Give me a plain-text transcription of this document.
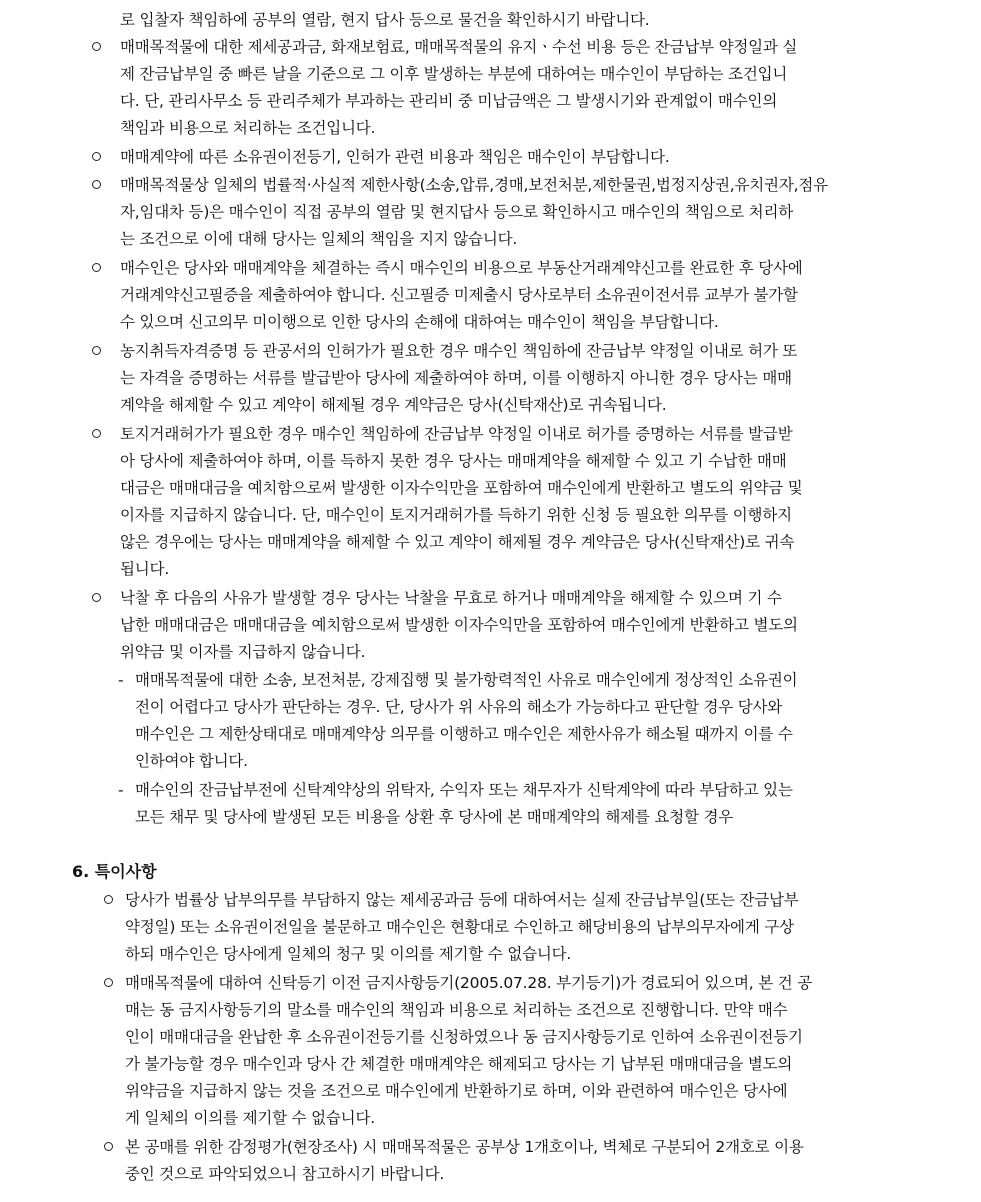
로 입찰자 책임하에 공부의 열람, 현지 답사 등으로 물건을 확인하시기 바랍니다.
매매목적물에 대한 제세공과금, 화재보험료, 매매목적물의 유지ㆍ수선 비용 등은 잔금납부 약정일과 실
제 잔금납부일 중 빠른 날을 기준으로 그 이후 발생하는 부분에 대하여는 매수인이 부담하는 조건입니
다. 단, 관리사무소 등 관리주체가 부과하는 관리비 중 미납금액은 그 발생시기와 관계없이 매수인의
책임과 비용으로 처리하는 조건입니다.
매매계약에 따른 소유권이전등기, 인허가 관련 비용과 책임은 매수인이 부담합니다.
매매목적물상 일체의 법률적·사실적 제한사항(소송,압류,경매,보전처분,제한물권,법정지상권,유치권자,점유
자,임대차 등)은 매수인이 직접 공부의 열람 및 현지답사 등으로 확인하시고 매수인의 책임으로 처리하
는 조건으로 이에 대해 당사는 일체의 책임을 지지 않습니다.
매수인은 당사와 매매계약을 체결하는 즉시 매수인의 비용으로 부동산거래계약신고를 완료한 후 당사에
거래계약신고필증을 제출하여야 합니다. 신고필증 미제출시 당사로부터 소유권이전서류 교부가 불가할
수 있으며 신고의무 미이행으로 인한 당사의 손해에 대하여는 매수인이 책임을 부담합니다.
농지취득자격증명 등 관공서의 인허가가 필요한 경우 매수인 책임하에 잔금납부 약정일 이내로 허가 또
는 자격을 증명하는 서류를 발급받아 당사에 제출하여야 하며, 이를 이행하지 아니한 경우 당사는 매매
계약을 해제할 수 있고 계약이 해제될 경우 계약금은 당사(신탁재산)로 귀속됩니다.
토지거래허가가 필요한 경우 매수인 책임하에 잔금납부 약정일 이내로 허가를 증명하는 서류를 발급받
아 당사에 제출하여야 하며, 이를 득하지 못한 경우 당사는 매매계약을 해제할 수 있고 기 수납한 매매
대금은 매매대금을 예치함으로써 발생한 이자수익만을 포함하여 매수인에게 반환하고 별도의 위약금 및
이자를 지급하지 않습니다. 단, 매수인이 토지거래허가를 득하기 위한 신청 등 필요한 의무를 이행하지
않은 경우에는 당사는 매매계약을 해제할 수 있고 계약이 해제될 경우 계약금은 당사(신탁재산)로 귀속
됩니다.
낙찰 후 다음의 사유가 발생할 경우 당사는 낙찰을 무효로 하거나 매매계약을 해제할 수 있으며 기 수
납한 매매대금은 매매대금을 예치함으로써 발생한 이자수익만을 포함하여 매수인에게 반환하고 별도의
위약금 및 이자를 지급하지 않습니다.
- 매매목적물에 대한 소송, 보전처분, 강제집행 및 불가항력적인 사유로 매수인에게 정상적인 소유권이
전이 어렵다고 당사가 판단하는 경우. 단, 당사가 위 사유의 해소가 가능하다고 판단할 경우 당사와
매수인은 그 제한상태대로 매매계약상 의무를 이행하고 매수인은 제한사유가 해소될 때까지 이를 수
인하여야 합니다.
- 매수인의 잔금납부전에 신탁계약상의 위탁자, 수익자 또는 채무자가 신탁계약에 따라 부담하고 있는
모든 채무 및 당사에 발생된 모든 비용을 상환 후 당사에 본 매매계약의 해제를 요청할 경우
6. 특이사항
당사가 법률상 납부의무를 부담하지 않는 제세공과금 등에 대하여서는 실제 잔금납부일(또는 잔금납부
약정일) 또는 소유권이전일을 불문하고 매수인은 현황대로 수인하고 해당비용의 납부의무자에게 구상
하되 매수인은 당사에게 일체의 청구 및 이의를 제기할 수 없습니다.
매매목적물에 대하여 신탁등기 이전 금지사항등기(2005.07.28. 부기등기)가 경료되어 있으며, 본 건 공
매는 동 금지사항등기의 말소를 매수인의 책임과 비용으로 처리하는 조건으로 진행합니다. 만약 매수
인이 매매대금을 완납한 후 소유권이전등기를 신청하였으나 동 금지사항등기로 인하여 소유권이전등기
가 불가능할 경우 매수인과 당사 간 체결한 매매계약은 해제되고 당사는 기 납부된 매매대금을 별도의
위약금을 지급하지 않는 것을 조건으로 매수인에게 반환하기로 하며, 이와 관련하여 매수인은 당사에
게 일체의 이의를 제기할 수 없습니다.
본 공매를 위한 감정평가(현장조사) 시 매매목적물은 공부상 1개호이나, 벽체로 구분되어 2개호로 이용
중인 것으로 파악되었으니 참고하시기 바랍니다.
